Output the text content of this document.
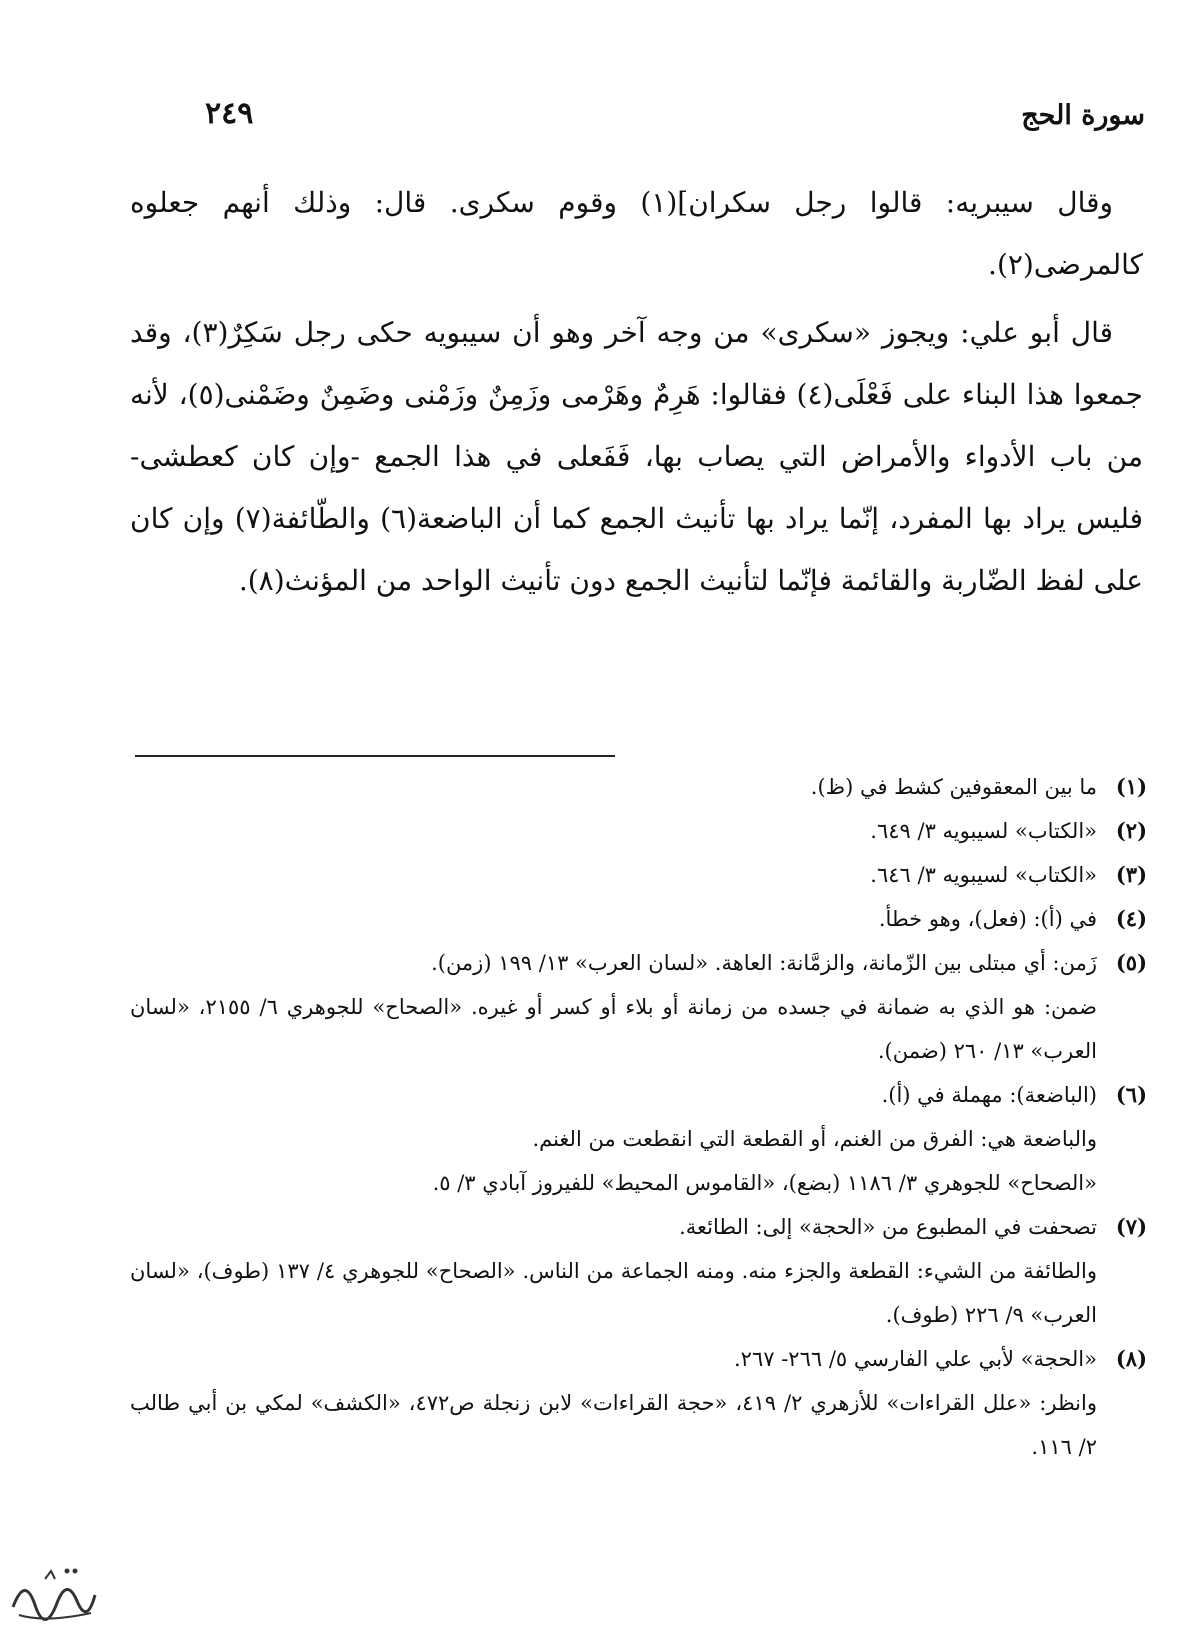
سورة الحج
٢٤٩

وقال سيبريه: قالوا رجل سكران](١) وقوم سكرى. قال: وذلك أنهم جعلوه كالمرضى(٢).

قال أبو علي: ويجوز «سكرى» من وجه آخر وهو أن سيبويه حكى رجل سَكِرٌ(٣)، وقد جمعوا هذا البناء على فَعْلَى(٤) فقالوا: هَرِمٌ وهَرْمى وزَمِنٌ وزَمْنى وضَمِنٌ وضَمْنى(٥)، لأنه من باب الأدواء والأمراض التي يصاب بها، فَفَعلى في هذا الجمع -وإن كان كعطشى- فليس يراد بها المفرد، إنّما يراد بها تأنيث الجمع كما أن الباضعة(٦) والطّائفة(٧) وإن كان على لفظ الضّاربة والقائمة فإنّما لتأنيث الجمع دون تأنيث الواحد من المؤنث(٨).

(١)
ما بين المعقوفين كشط في (ظ).
(٢)
«الكتاب» لسيبويه ٣/ ٦٤٩.
(٣)
«الكتاب» لسيبويه ٣/ ٦٤٦.
(٤)
في (أ): (فعل)، وهو خطأ.
(٥)
زَمن: أي مبتلى بين الزّمانة، والزمَّانة: العاهة. «لسان العرب» ١٣/ ١٩٩ (زمن).
ضمن: هو الذي به ضمانة في جسده من زمانة أو بلاء أو كسر أو غيره. «الصحاح» للجوهري ٦/ ٢١٥٥، «لسان العرب» ١٣/ ٢٦٠ (ضمن).
(٦)
(الباضعة): مهملة في (أ).
والباضعة هي: الفرق من الغنم، أو القطعة التي انقطعت من الغنم.
«الصحاح» للجوهري ٣/ ١١٨٦ (بضع)، «القاموس المحيط» للفيروز آبادي ٣/ ٥.
(٧)
تصحفت في المطبوع من «الحجة» إلى: الطائعة.
والطائفة من الشيء: القطعة والجزء منه. ومنه الجماعة من الناس. «الصحاح» للجوهري ٤/ ١٣٧ (طوف)، «لسان العرب» ٩/ ٢٢٦ (طوف).
(٨)
«الحجة» لأبي علي الفارسي ٥/ ٢٦٦- ٢٦٧.
وانظر: «علل القراءات» للأزهري ٢/ ٤١٩، «حجة القراءات» لابن زنجلة ص٤٧٢، «الكشف» لمكي بن أبي طالب ٢/ ١١٦.
